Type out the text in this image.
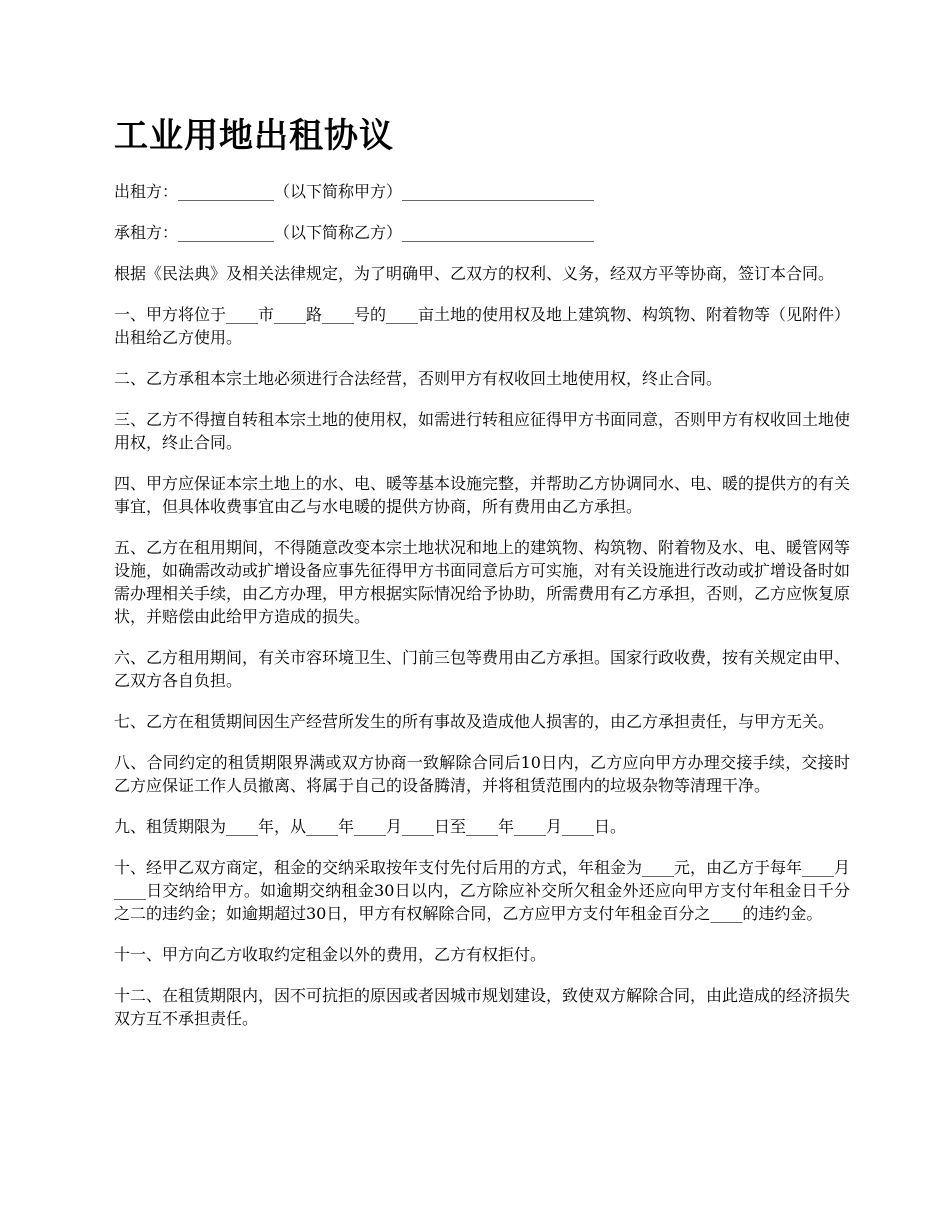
工业用地出租协议

出租方：____________（以下简称甲方）________________________

承租方：____________（以下简称乙方）________________________

根据《民法典》及相关法律规定，为了明确甲、乙双方的权利、义务，经双方平等协商，签订本合同。

一、甲方将位于____市____路____号的____亩土地的使用权及地上建筑物、构筑物、附着物等（见附件）出租给乙方使用。

二、乙方承租本宗土地必须进行合法经营，否则甲方有权收回土地使用权，终止合同。

三、乙方不得擅自转租本宗土地的使用权，如需进行转租应征得甲方书面同意，否则甲方有权收回土地使用权，终止合同。

四、甲方应保证本宗土地上的水、电、暖等基本设施完整，并帮助乙方协调同水、电、暖的提供方的有关事宜，但具体收费事宜由乙与水电暖的提供方协商，所有费用由乙方承担。

五、乙方在租用期间，不得随意改变本宗土地状况和地上的建筑物、构筑物、附着物及水、电、暖管网等设施，如确需改动或扩增设备应事先征得甲方书面同意后方可实施，对有关设施进行改动或扩增设备时如需办理相关手续，由乙方办理，甲方根据实际情况给予协助，所需费用有乙方承担，否则，乙方应恢复原状，并赔偿由此给甲方造成的损失。

六、乙方租用期间，有关市容环境卫生、门前三包等费用由乙方承担。国家行政收费，按有关规定由甲、乙双方各自负担。

七、乙方在租赁期间因生产经营所发生的所有事故及造成他人损害的，由乙方承担责任，与甲方无关。

八、合同约定的租赁期限界满或双方协商一致解除合同后10日内，乙方应向甲方办理交接手续，交接时乙方应保证工作人员撤离、将属于自己的设备腾清，并将租赁范围内的垃圾杂物等清理干净。

九、租赁期限为____年，从____年____月____日至____年____月____日。

十、经甲乙双方商定，租金的交纳采取按年支付先付后用的方式，年租金为____元，由乙方于每年____月____日交纳给甲方。如逾期交纳租金30日以内，乙方除应补交所欠租金外还应向甲方支付年租金日千分之二的违约金；如逾期超过30日，甲方有权解除合同，乙方应甲方支付年租金百分之____的违约金。

十一、甲方向乙方收取约定租金以外的费用，乙方有权拒付。

十二、在租赁期限内，因不可抗拒的原因或者因城市规划建设，致使双方解除合同，由此造成的经济损失双方互不承担责任。
